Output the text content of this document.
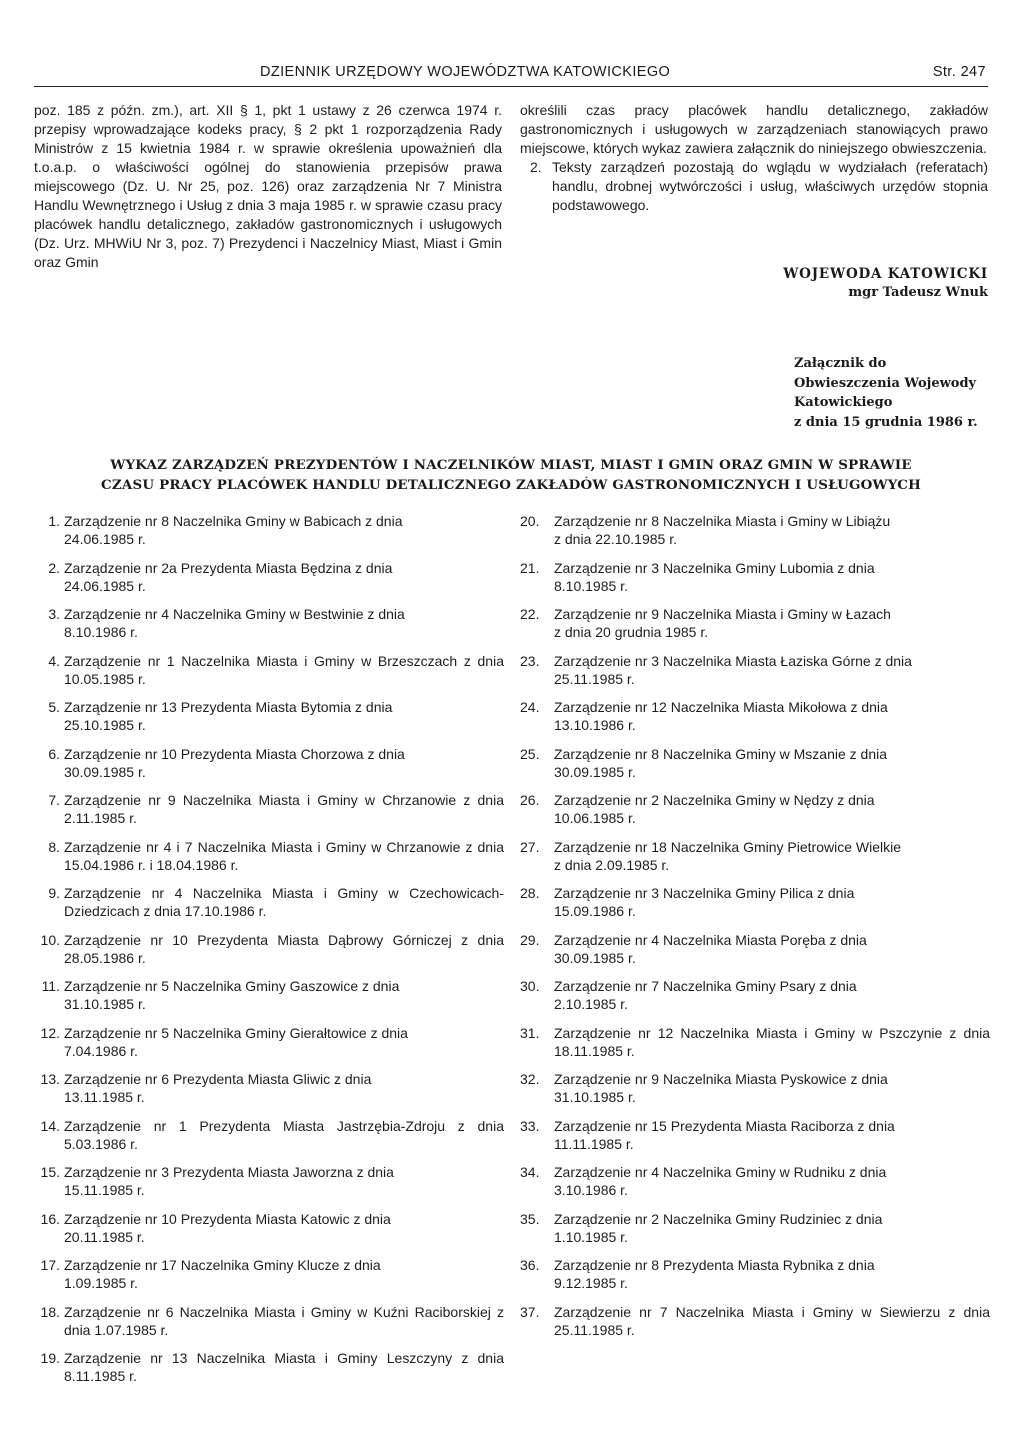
DZIENNIK URZĘDOWY WOJEWÓDZTWA KATOWICKIEGO	Str. 247

poz. 185 z późn. zm.), art. XII § 1, pkt 1 ustawy z 26 czerwca 1974 r. przepisy wprowadzające kodeks pracy, § 2 pkt 1 rozporządzenia Rady Ministrów z 15 kwietnia 1984 r. w sprawie określenia upoważnień dla t.o.a.p. o właściwości ogólnej do stanowienia przepisów prawa miejscowego (Dz. U. Nr 25, poz. 126) oraz zarządzenia Nr 7 Ministra Handlu Wewnętrznego i Usług z dnia 3 maja 1985 r. w sprawie czasu pracy placówek handlu detalicznego, zakładów gastronomicznych i usługowych (Dz. Urz. MHWiU Nr 3, poz. 7) Prezydenci i Naczelnicy Miast, Miast i Gmin oraz Gmin

określili czas pracy placówek handlu detalicznego, zakładów gastronomicznych i usługowych w zarządzeniach stanowiących prawo miejscowe, których wykaz zawiera załącznik do niniejszego obwieszczenia.

2. Teksty zarządzeń pozostają do wglądu w wydziałach (referatach) handlu, drobnej wytwórczości i usług, właściwych urzędów stopnia podstawowego.

WOJEWODA KATOWICKI
mgr Tadeusz Wnuk
Załącznik do
Obwieszczenia Wojewody
Katowickiego
z dnia 15 grudnia 1986 r.
WYKAZ ZARZĄDZEŃ PREZYDENTÓW I NACZELNIKÓW MIAST, MIAST I GMIN ORAZ GMIN W SPRAWIE
CZASU PRACY PLACÓWEK HANDLU DETALICZNEGO ZAKŁADÓW GASTRONOMICZNYCH I USŁUGOWYCH
1. Zarządzenie nr 8 Naczelnika Gminy w Babicach z dnia
24.06.1985 r.
2. Zarządzenie nr 2a Prezydenta Miasta Będzina z dnia
24.06.1985 r.
3. Zarządzenie nr 4 Naczelnika Gminy w Bestwinie z dnia
8.10.1986 r.
4. Zarządzenie nr 1 Naczelnika Miasta i Gminy w Brzeszczach z dnia 10.05.1985 r.
5. Zarządzenie nr 13 Prezydenta Miasta Bytomia z dnia
25.10.1985 r.
6. Zarządzenie nr 10 Prezydenta Miasta Chorzowa z dnia
30.09.1985 r.
7. Zarządzenie nr 9 Naczelnika Miasta i Gminy w Chrzanowie z dnia 2.11.1985 r.
8. Zarządzenie nr 4 i 7 Naczelnika Miasta i Gminy w Chrzanowie z dnia 15.04.1986 r. i 18.04.1986 r.
9. Zarządzenie nr 4 Naczelnika Miasta i Gminy w Czechowicach-Dziedzicach z dnia 17.10.1986 r.
10. Zarządzenie nr 10 Prezydenta Miasta Dąbrowy Górniczej z dnia 28.05.1986 r.
11. Zarządzenie nr 5 Naczelnika Gminy Gaszowice z dnia
31.10.1985 r.
12. Zarządzenie nr 5 Naczelnika Gminy Gierałtowice z dnia
7.04.1986 r.
13. Zarządzenie nr 6 Prezydenta Miasta Gliwic z dnia
13.11.1985 r.
14. Zarządzenie nr 1 Prezydenta Miasta Jastrzębia-Zdroju z dnia 5.03.1986 r.
15. Zarządzenie nr 3 Prezydenta Miasta Jaworzna z dnia
15.11.1985 r.
16. Zarządzenie nr 10 Prezydenta Miasta Katowic z dnia
20.11.1985 r.
17. Zarządzenie nr 17 Naczelnika Gminy Klucze z dnia
1.09.1985 r.
18. Zarządzenie nr 6 Naczelnika Miasta i Gminy w Kuźni Raciborskiej z dnia 1.07.1985 r.
19. Zarządzenie nr 13 Naczelnika Miasta i Gminy Leszczyny z dnia 8.11.1985 r.
20.	Zarządzenie nr 8 Naczelnika Miasta i Gminy w Libiążu
z dnia 22.10.1985 r.
21.	Zarządzenie nr 3 Naczelnika Gminy Lubomia z dnia
8.10.1985 r.
22.	Zarządzenie nr 9 Naczelnika Miasta i Gminy w Łazach
z dnia 20 grudnia 1985 r.
23.	Zarządzenie nr 3 Naczelnika Miasta Łaziska Górne z dnia
25.11.1985 r.
24.	Zarządzenie nr 12 Naczelnika Miasta Mikołowa z dnia
13.10.1986 r.
25.	Zarządzenie nr 8 Naczelnika Gminy w Mszanie z dnia
30.09.1985 r.
26.	Zarządzenie nr 2 Naczelnika Gminy w Nędzy z dnia
10.06.1985 r.
27.	Zarządzenie nr 18 Naczelnika Gminy Pietrowice Wielkie
z dnia 2.09.1985 r.
28.	Zarządzenie nr 3 Naczelnika Gminy Pilica z dnia
15.09.1986 r.
29.	Zarządzenie nr 4 Naczelnika Miasta Poręba z dnia
30.09.1985 r.
30.	Zarządzenie nr 7 Naczelnika Gminy Psary z dnia
2.10.1985 r.
31.	Zarządzenie nr 12 Naczelnika Miasta i Gminy w Pszczynie z dnia 18.11.1985 r.
32.	Zarządzenie nr 9 Naczelnika Miasta Pyskowice z dnia
31.10.1985 r.
33.	Zarządzenie nr 15 Prezydenta Miasta Raciborza z dnia
11.11.1985 r.
34.	Zarządzenie nr 4 Naczelnika Gminy w Rudniku z dnia
3.10.1986 r.
35.	Zarządzenie nr 2 Naczelnika Gminy Rudziniec z dnia
1.10.1985 r.
36.	Zarządzenie nr 8 Prezydenta Miasta Rybnika z dnia
9.12.1985 r.
37.	Zarządzenie nr 7 Naczelnika Miasta i Gminy w Siewierzu z dnia 25.11.1985 r.
